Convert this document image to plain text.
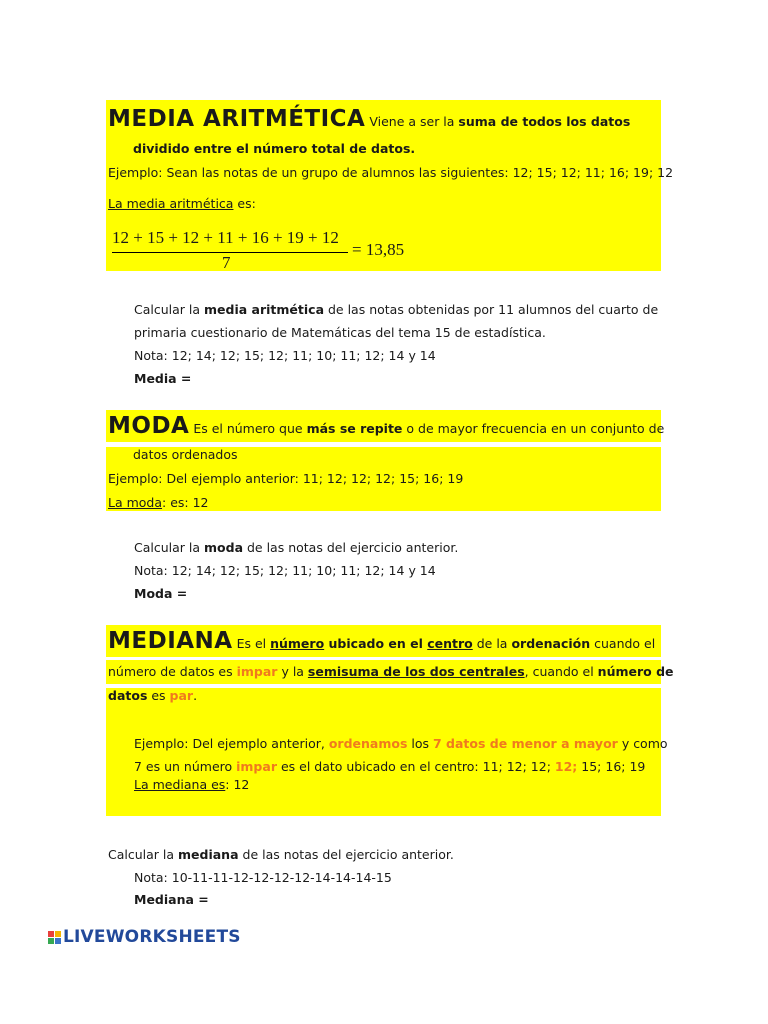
MEDIA ARITMÉTICA Viene a ser la suma de todos los datos
dividido entre el número total de datos.
Ejemplo: Sean las notas de un grupo de alumnos las siguientes: 12; 15; 12; 11; 16; 19; 12
La media aritmética es:
12 + 15 + 12 + 11 + 16 + 19 + 12
7
= 13,85
Calcular la media aritmética de las notas obtenidas por 11 alumnos del cuarto de
primaria cuestionario de Matemáticas del tema 15 de estadística.
Nota: 12; 14; 12; 15; 12; 11; 10; 11; 12; 14 y 14
Media =
MODA Es el número que más se repite o de mayor frecuencia en un conjunto de
datos ordenados
Ejemplo: Del ejemplo anterior: 11; 12; 12; 12; 15; 16; 19
La moda: es: 12
Calcular la moda de las notas del ejercicio anterior.
Nota: 12; 14; 12; 15; 12; 11; 10; 11; 12; 14 y 14
Moda =
MEDIANA Es el número ubicado en el centro de la ordenación cuando el
número de datos es impar y la semisuma de los dos centrales, cuando el número de
datos es par.
Ejemplo: Del ejemplo anterior, ordenamos los 7 datos de menor a mayor y como
7 es un número impar es el dato ubicado en el centro: 11; 12; 12; 12; 15; 16; 19
La mediana es: 12
Calcular la mediana de las notas del ejercicio anterior.
Nota: 10-11-11-12-12-12-12-14-14-14-15
Mediana =
LIVEWORKSHEETS
